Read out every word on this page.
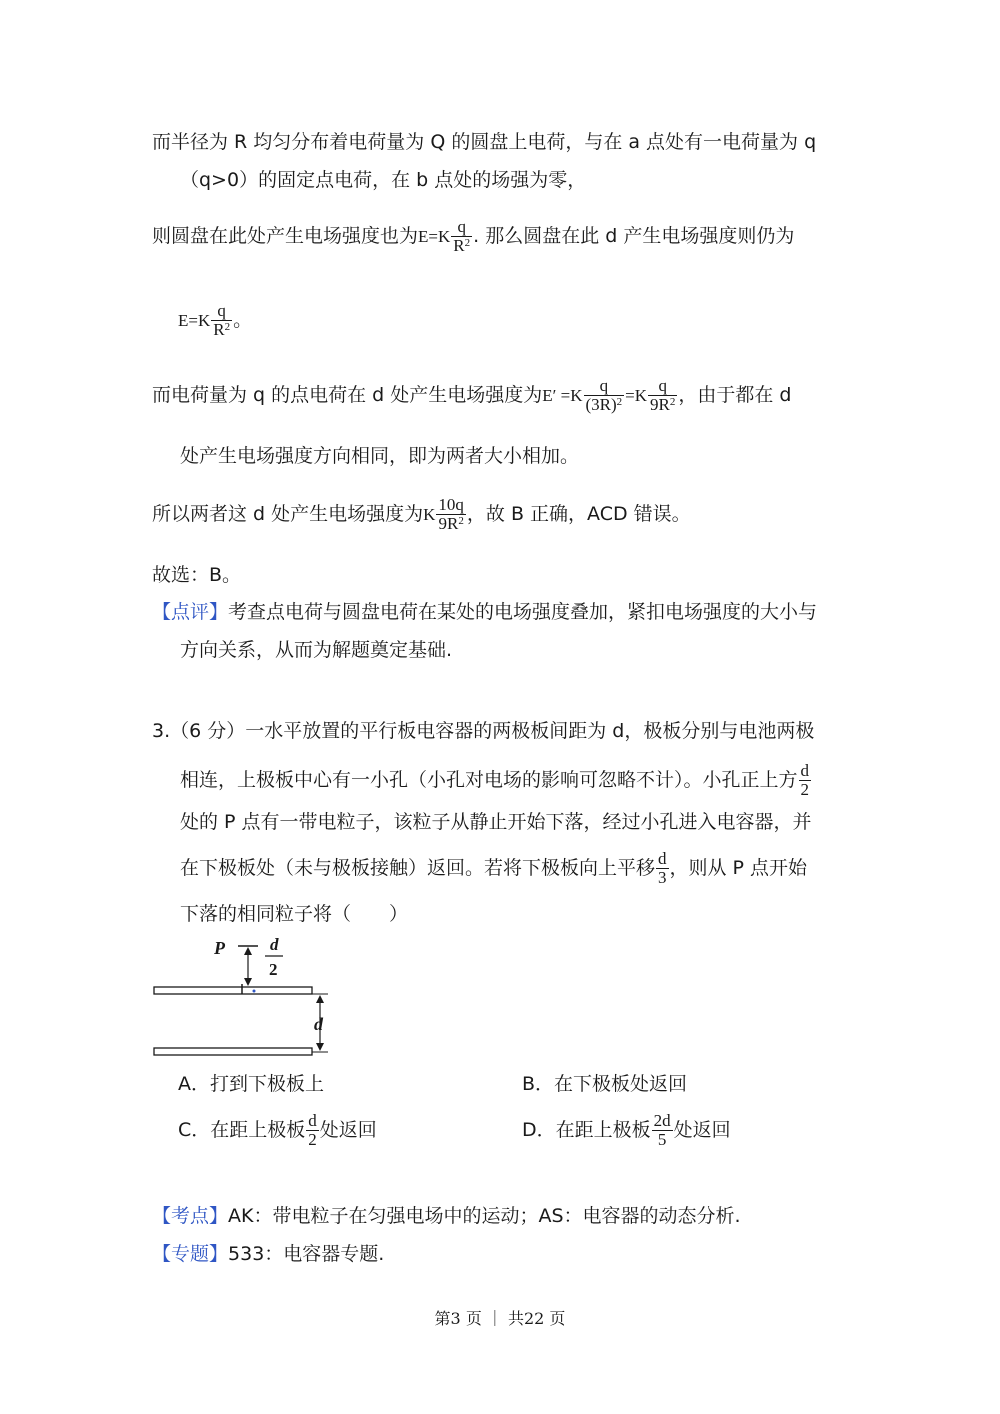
而半径为 R 均匀分布着电荷量为 Q 的圆盘上电荷，与在 a 点处有一电荷量为 q
（q>0）的固定点电荷，在 b 点处的场强为零，
则圆盘在此处产生电场强度也为$E=K \frac{q}{R^2}$ . 那么圆盘在此 d 产生电场强度则仍为
$E=K \frac{q}{R^2}$ 。
而电荷量为 q 的点电荷在 d 处产生电场强度为$E' =K \frac{q}{(3R)^2} =K \frac{q}{9R^2}$ ，由于都在 d
处产生电场强度方向相同，即为两者大小相加。
所以两者这 d 处产生电场强度为K $\frac{10q}{9R^2}$ ，故 B 正确，ACD 错误。
故选：B。
【点评】考查点电荷与圆盘电荷在某处的电场强度叠加，紧扣电场强度的大小与
方向关系，从而为解题奠定基础.
3.（6 分）一水平放置的平行板电容器的两极板间距为 d，极板分别与电池两极
相连，上极板中心有一小孔（小孔对电场的影响可忽略不计）。小孔正上方 $\frac{d}{2}$
处的 P 点有一带电粒子，该粒子从静止开始下落，经过小孔进入电容器，并
在下极板处（未与极板接触）返回。若将下极板向上平移 $\frac{d}{3}$ ，则从 P 点开始
下落的相同粒子将（　　）
P	d
2
d
A．打到下极板上	B．在下极板处返回
C．在距上极板 $\frac{d}{2}$ 处返回	D．在距上极板 $\frac{2d}{5}$ 处返回
【考点】AK：带电粒子在匀强电场中的运动；AS：电容器的动态分析.
【专题】533：电容器专题.
第3 页 ｜ 共22 页
